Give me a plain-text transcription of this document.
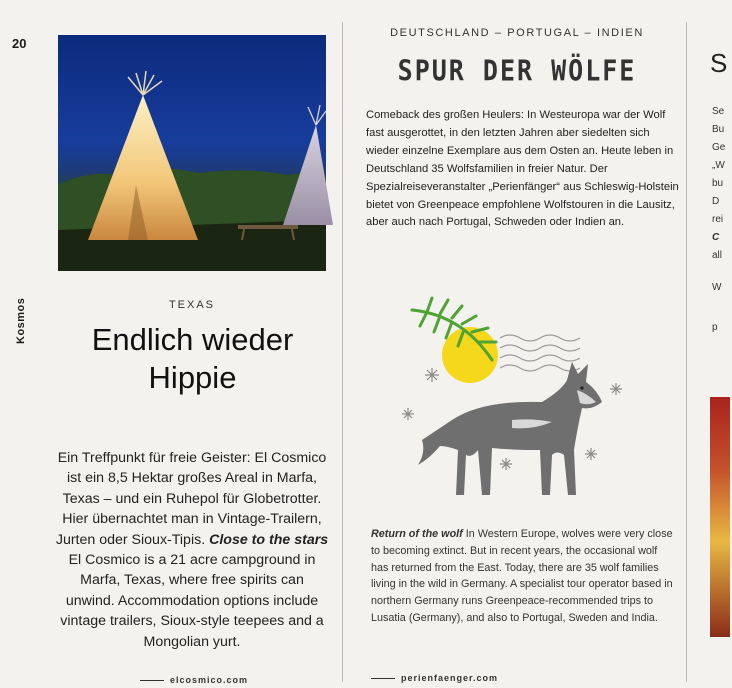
20
Kosmos	TEXAS
Endlich wieder
Hippie

Ein Treffpunkt für freie Geister: El Cosmico ist ein 8,5 Hektar großes Areal in Marfa, Texas – und ein Ruhepol für Globetrotter. Hier übernachtet man in Vintage-Trailern, Jurten oder Sioux-Tipis. Close to the stars El Cosmico is a 21 acre campground in Marfa, Texas, where free spirits can unwind. Accommodation options include vintage trailers, Sioux-style teepees and a Mongolian yurt.

elcosmico.com
DEUTSCHLAND – PORTUGAL – INDIEN
SPUR DER WÖLFE

Comeback des großen Heulers: In Westeuropa war der Wolf fast ausgerottet, in den letzten Jahren aber siedelten sich wieder einzelne Exemplare aus dem Osten an. Heute leben in Deutschland 35 Wolfsfamilien in freier Natur. Der Spezialreiseveranstalter „Perienfänger“ aus Schleswig-Holstein bietet von Greenpeace empfohlene Wolfstouren in die Lausitz, aber auch nach Portugal, Schweden oder Indien an.

Return of the wolf In Western Europe, wolves were very close to becoming extinct. But in recent years, the occasional wolf has returned from the East. Today, there are 35 wolf families living in the wild in Germany. A specialist tour operator based in northern Germany runs Greenpeace-recommended trips to Lusatia (Germany), and also to Portugal, Sweden and India.

perienfaenger.com
S
Se
Bu
Ge
„W
bu
D
rei
C
all
W
p
